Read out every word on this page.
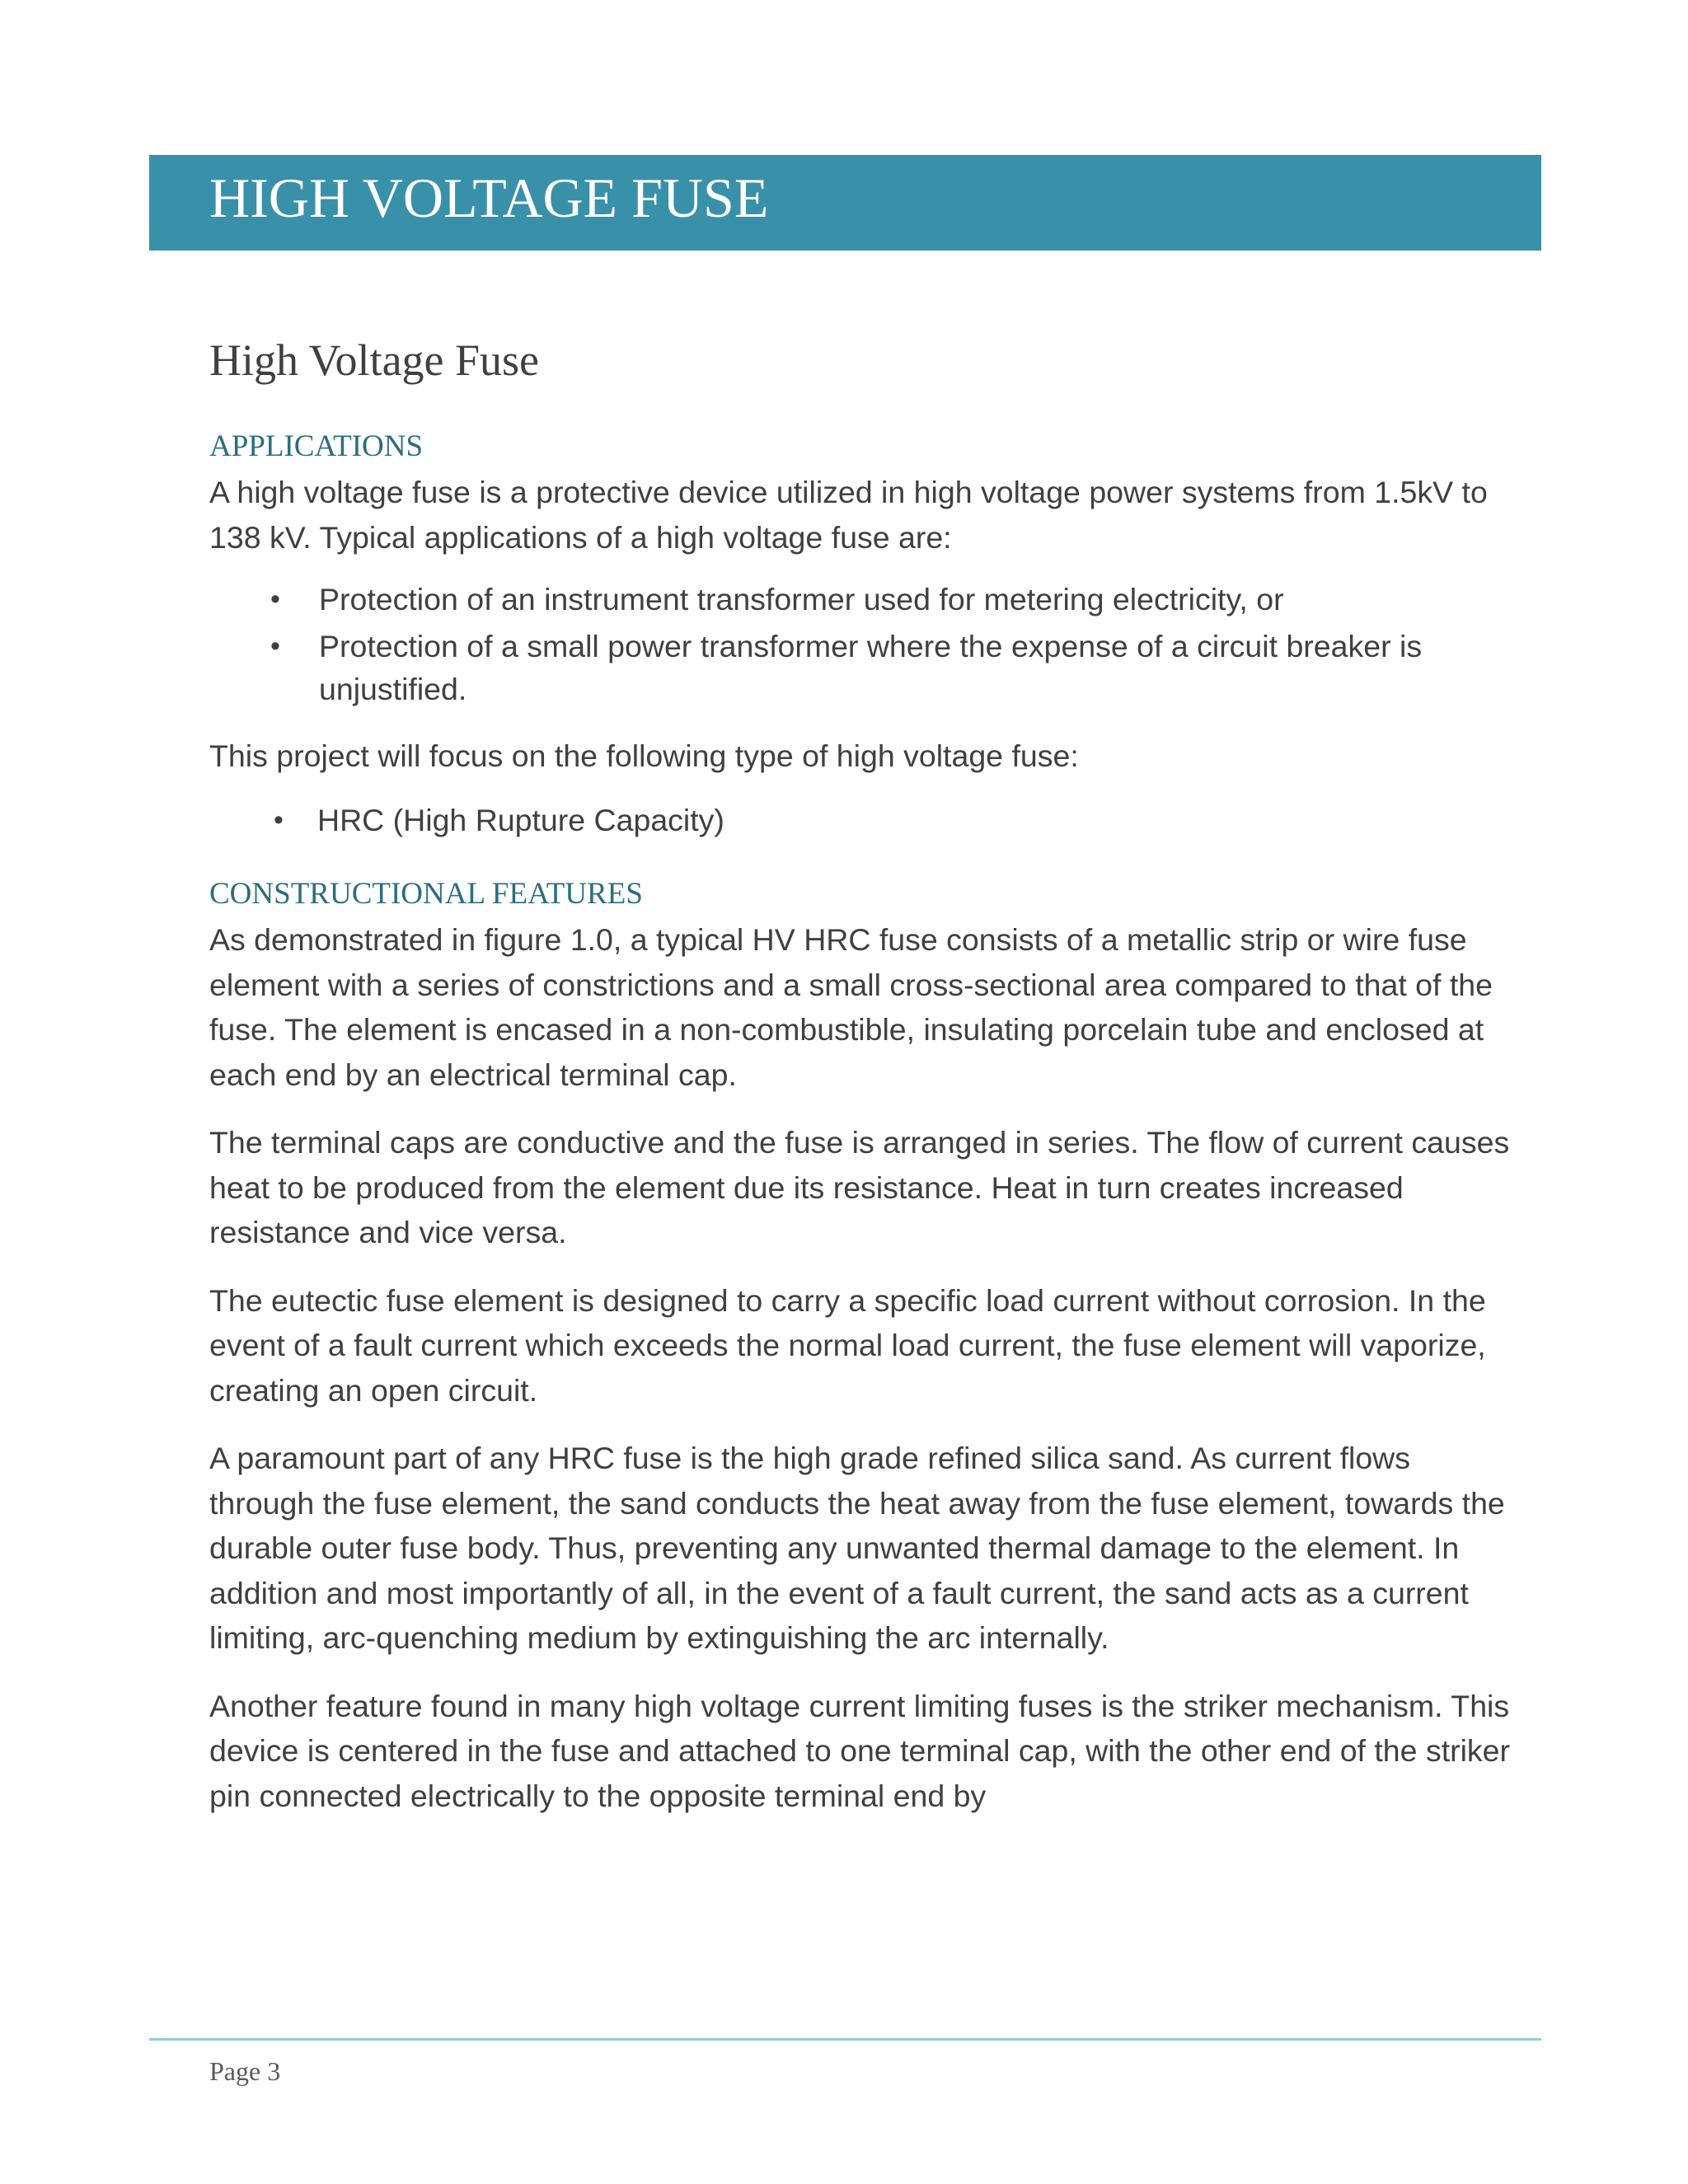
HIGH VOLTAGE FUSE
High Voltage Fuse
APPLICATIONS

A high voltage fuse is a protective device utilized in high voltage power systems from 1.5kV to 138 kV. Typical applications of a high voltage fuse are:

• Protection of an instrument transformer used for metering electricity, or
• Protection of a small power transformer where the expense of a circuit breaker is unjustified.

This project will focus on the following type of high voltage fuse:

• HRC (High Rupture Capacity)
CONSTRUCTIONAL FEATURES

As demonstrated in figure 1.0, a typical HV HRC fuse consists of a metallic strip or wire fuse element with a series of constrictions and a small cross-sectional area compared to that of the fuse. The element is encased in a non-combustible, insulating porcelain tube and enclosed at each end by an electrical terminal cap.

The terminal caps are conductive and the fuse is arranged in series. The flow of current causes heat to be produced from the element due its resistance. Heat in turn creates increased resistance and vice versa.

The eutectic fuse element is designed to carry a specific load current without corrosion. In the event of a fault current which exceeds the normal load current, the fuse element will vaporize, creating an open circuit.

A paramount part of any HRC fuse is the high grade refined silica sand. As current flows through the fuse element, the sand conducts the heat away from the fuse element, towards the durable outer fuse body. Thus, preventing any unwanted thermal damage to the element. In addition and most importantly of all, in the event of a fault current, the sand acts as a current limiting, arc-quenching medium by extinguishing the arc internally.

Another feature found in many high voltage current limiting fuses is the striker mechanism. This device is centered in the fuse and attached to one terminal cap, with the other end of the striker pin connected electrically to the opposite terminal end by

Page 3
